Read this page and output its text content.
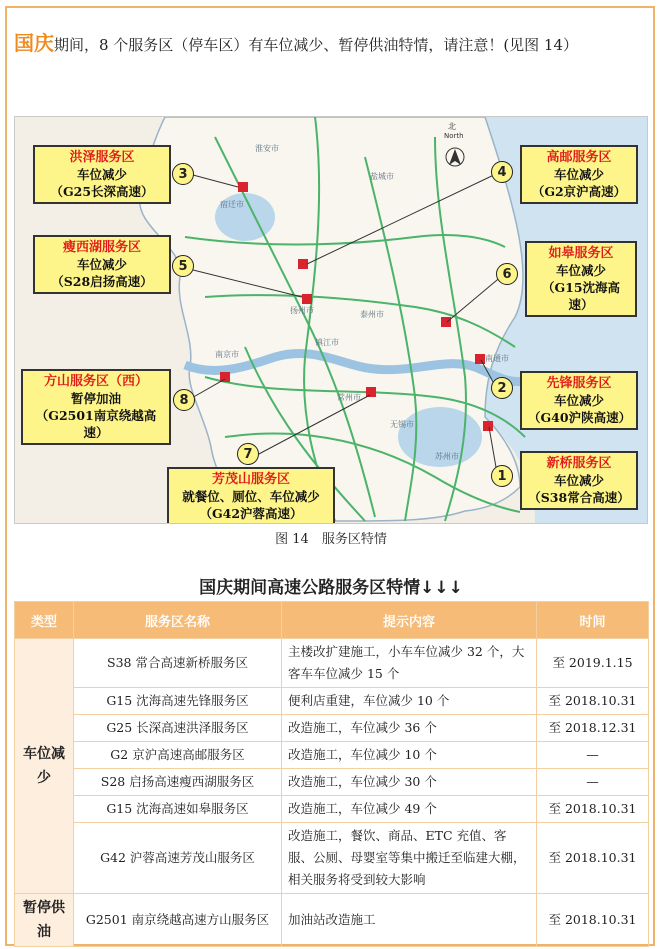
国庆期间，8 个服务区（停车区）有车位减少、暂停供油特情，请注意！(见图 14）
北
North
淮安市
盐城市
扬州市	泰州市
南京市	南通市
常州市
无锡市
苏州市
镇江市
宿迁市
洪泽服务区
车位减少
（G25长深高速）
3
瘦西湖服务区
车位减少
（S28启扬高速）
5
方山服务区（西）
暂停加油
（G2501南京绕越高速）
8
7
芳茂山服务区
就餐位、厕位、车位减少
（G42沪蓉高速）
4
高邮服务区
车位减少
（G2京沪高速）
6
如皋服务区
车位减少
（G15沈海高速）
2	先锋服务区
车位减少
（G40沪陕高速）
1
新桥服务区
车位减少
（S38常合高速）
图 14　服务区特情
国庆期间高速公路服务区特情↓↓↓
类型	服务区名称	提示内容	时间
车位减少	S38 常合高速新桥服务区	主楼改扩建施工，小车车位减少 32 个，大客车车位减少 15 个	至 2019.1.15
	G15 沈海高速先锋服务区	便利店重建，车位减少 10 个	至 2018.10.31
	G25 长深高速洪泽服务区	改造施工，车位减少 36 个	至 2018.12.31
	G2 京沪高速高邮服务区	改造施工，车位减少 10 个	—
	S28 启扬高速瘦西湖服务区	改造施工，车位减少 30 个	—
	G15 沈海高速如皋服务区	改造施工，车位减少 49 个	至 2018.10.31
	G42 沪蓉高速芳茂山服务区	改造施工，餐饮、商品、ETC 充值、客服、公厕、母婴室等集中搬迁至临建大棚，相关服务将受到较大影响	至 2018.10.31
暂停供油	G2501 南京绕越高速方山服务区	加油站改造施工	至 2018.10.31
